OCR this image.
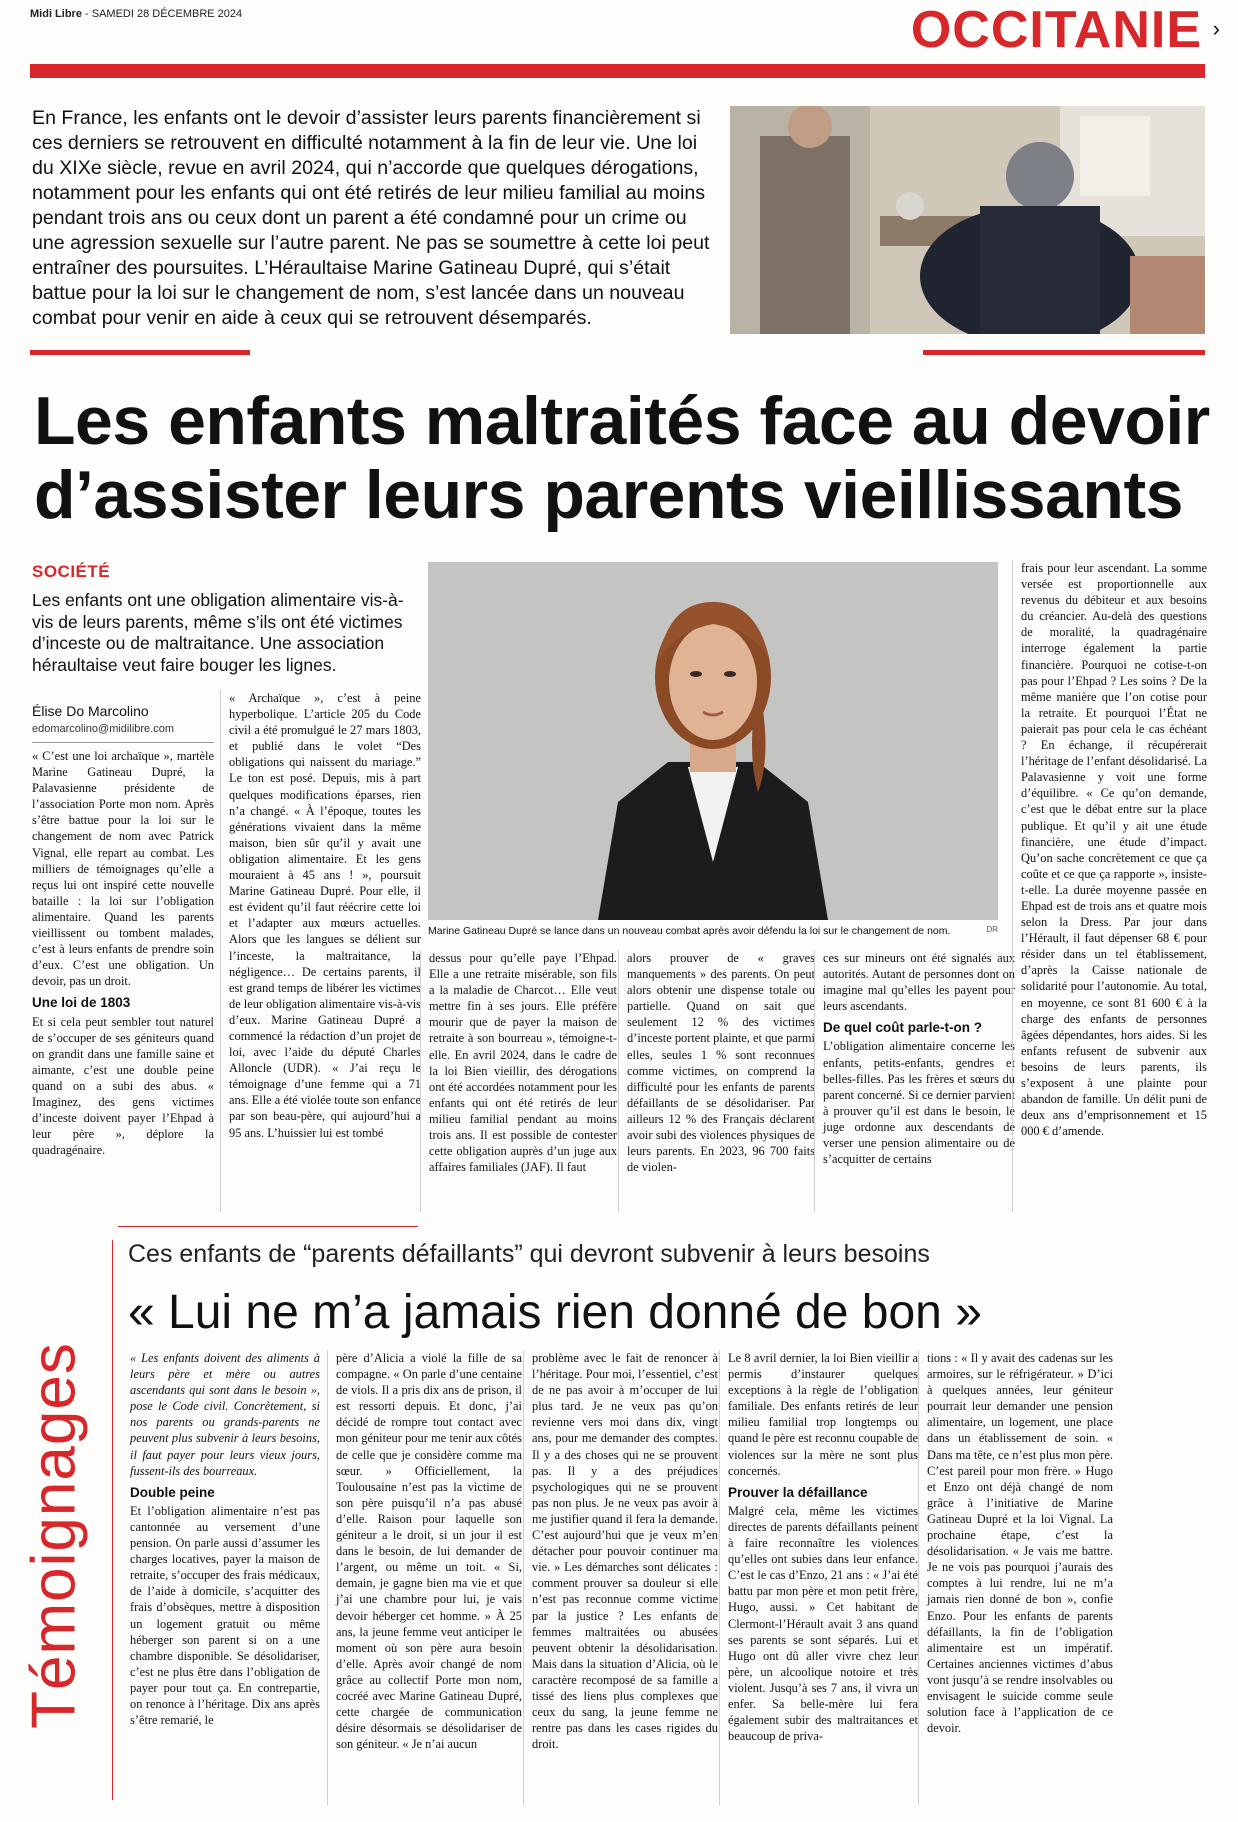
Midi Libre - SAMEDI 28 DÉCEMBRE 2024	OCCITANIE ›
En France, les enfants ont le devoir d’assister leurs parents financièrement si ces derniers se retrouvent en difficulté notamment à la fin de leur vie. Une loi du XIXe siècle, revue en avril 2024, qui n’accorde que quelques dérogations, notamment pour les enfants qui ont été retirés de leur milieu familial au moins pendant trois ans ou ceux dont un parent a été condamné pour un crime ou une agression sexuelle sur l’autre parent. Ne pas se soumettre à cette loi peut entraîner des poursuites. L’Héraultaise Marine Gatineau Dupré, qui s’était battue pour la loi sur le changement de nom, s’est lancée dans un nouveau combat pour venir en aide à ceux qui se retrouvent désemparés.
Les enfants maltraités face au devoir
d’assister leurs parents vieillissants
SOCIÉTÉ
Les enfants ont une obligation alimentaire vis-à-vis de leurs parents, même s’ils ont été victimes d’inceste ou de maltraitance. Une association héraultaise veut faire bouger les lignes.
Élise Do Marcolino
edomarcolino@midilibre.com

« C’est une loi archaïque », martèle Marine Gatineau Dupré, la Palavasienne présidente de l’association Porte mon nom. Après s’être battue pour la loi sur le changement de nom avec Patrick Vignal, elle repart au combat. Les milliers de témoignages qu’elle a reçus lui ont inspiré cette nouvelle bataille : la loi sur l’obligation alimentaire. Quand les parents vieillissent ou tombent malades, c’est à leurs enfants de prendre soin d’eux. C’est une obligation. Un devoir, pas un droit.

Une loi de 1803

Et si cela peut sembler tout naturel de s’occuper de ses géniteurs quand on grandit dans une famille saine et aimante, c’est une double peine quand on a subi des abus. « Imaginez, des gens victimes d’inceste doivent payer l’Ehpad à leur père », déplore la quadragénaire.

« Archaïque », c’est à peine hyperbolique. L’article 205 du Code civil a été promulgué le 27 mars 1803, et publié dans le volet “Des obligations qui naissent du mariage.” Le ton est posé. Depuis, mis à part quelques modifications éparses, rien n’a changé. « À l’époque, toutes les générations vivaient dans la même maison, bien sûr qu’il y avait une obligation alimentaire. Et les gens mouraient à 45 ans ! », poursuit Marine Gatineau Dupré. Pour elle, il est évident qu’il faut réécrire cette loi et l’adapter aux mœurs actuelles. Alors que les langues se délient sur l’inceste, la maltraitance, la négligence… De certains parents, il est grand temps de libérer les victimes de leur obligation alimentaire vis-à-vis d’eux. Marine Gatineau Dupré a commencé la rédaction d’un projet de loi, avec l’aide du député Charles Alloncle (UDR). « J’ai reçu le témoignage d’une femme qui a 71 ans. Elle a été violée toute son enfance par son beau-père, qui aujourd’hui a 95 ans. L’huissier lui est tombé

Marine Gatineau Dupré se lance dans un nouveau combat après avoir défendu la loi sur le changement de nom.	DR

dessus pour qu’elle paye l’Ehpad. Elle a une retraite misérable, son fils a la maladie de Charcot… Elle veut mettre fin à ses jours. Elle préfère mourir que de payer la maison de retraite à son bourreau », témoigne-t-elle. En avril 2024, dans le cadre de la loi Bien vieillir, des dérogations ont été accordées notamment pour les enfants qui ont été retirés de leur milieu familial pendant au moins trois ans. Il est possible de contester cette obligation auprès d’un juge aux affaires familiales (JAF). Il faut

alors prouver de « graves manquements » des parents. On peut alors obtenir une dispense totale ou partielle. Quand on sait que seulement 12 % des victimes d’inceste portent plainte, et que parmi elles, seules 1 % sont reconnues comme victimes, on comprend la difficulté pour les enfants de parents défaillants de se désolidariser. Par ailleurs 12 % des Français déclarent avoir subi des violences physiques de leurs parents. En 2023, 96 700 faits de violen-

ces sur mineurs ont été signalés aux autorités. Autant de personnes dont on imagine mal qu’elles les payent pour leurs ascendants.

De quel coût parle-t-on ?

L’obligation alimentaire concerne les enfants, petits-enfants, gendres et belles-filles. Pas les frères et sœurs du parent concerné. Si ce dernier parvient à prouver qu’il est dans le besoin, le juge ordonne aux descendants de verser une pension alimentaire ou de s’acquitter de certains

frais pour leur ascendant. La somme versée est proportionnelle aux revenus du débiteur et aux besoins du créancier. Au-delà des questions de moralité, la quadragénaire interroge également la partie financière. Pourquoi ne cotise-t-on pas pour l’Ehpad ? Les soins ? De la même manière que l’on cotise pour la retraite. Et pourquoi l’État ne paierait pas pour cela le cas échéant ? En échange, il récupérerait l’héritage de l’enfant désolidarisé. La Palavasienne y voit une forme d’équilibre. « Ce qu’on demande, c’est que le débat entre sur la place publique. Et qu’il y ait une étude financière, une étude d’impact. Qu’on sache concrètement ce que ça coûte et ce que ça rapporte », insiste-t-elle. La durée moyenne passée en Ehpad est de trois ans et quatre mois selon la Dress. Par jour dans l’Hérault, il faut dépenser 68 € pour résider dans un tel établissement, d’après la Caisse nationale de solidarité pour l’autonomie. Au total, en moyenne, ce sont 81 600 € à la charge des enfants de personnes âgées dépendantes, hors aides. Si les enfants refusent de subvenir aux besoins de leurs parents, ils s’exposent à une plainte pour abandon de famille. Un délit puni de deux ans d’emprisonnement et 15 000 € d’amende.

Témoignages
Ces enfants de “parents défaillants” qui devront subvenir à leurs besoins
« Lui ne m’a jamais rien donné de bon »

« Les enfants doivent des aliments à leurs père et mère ou autres ascendants qui sont dans le besoin », pose le Code civil. Concrètement, si nos parents ou grands-parents ne peuvent plus subvenir à leurs besoins, il faut payer pour leurs vieux jours, fussent-ils des bourreaux.

Double peine

Et l’obligation alimentaire n’est pas cantonnée au versement d’une pension. On parle aussi d’assumer les charges locatives, payer la maison de retraite, s’occuper des frais médicaux, de l’aide à domicile, s’acquitter des frais d’obsèques, mettre à disposition un logement gratuit ou même héberger son parent si on a une chambre disponible. Se désolidariser, c’est ne plus être dans l’obligation de payer pour tout ça. En contrepartie, on renonce à l’héritage. Dix ans après s’être remarié, le

père d’Alicia a violé la fille de sa compagne. « On parle d’une centaine de viols. Il a pris dix ans de prison, il est ressorti depuis. Et donc, j’ai décidé de rompre tout contact avec mon géniteur pour me tenir aux côtés de celle que je considère comme ma sœur. » Officiellement, la Toulousaine n’est pas la victime de son père puisqu’il n’a pas abusé d’elle. Raison pour laquelle son géniteur a le droit, si un jour il est dans le besoin, de lui demander de l’argent, ou même un toit. « Si, demain, je gagne bien ma vie et que j’ai une chambre pour lui, je vais devoir héberger cet homme. » À 25 ans, la jeune femme veut anticiper le moment où son père aura besoin d’elle. Après avoir changé de nom grâce au collectif Porte mon nom, cocréé avec Marine Gatineau Dupré, cette chargée de communication désire désormais se désolidariser de son géniteur. « Je n’ai aucun

problème avec le fait de renoncer à l’héritage. Pour moi, l’essentiel, c’est de ne pas avoir à m’occuper de lui plus tard. Je ne veux pas qu’on revienne vers moi dans dix, vingt ans, pour me demander des comptes. Il y a des choses qui ne se prouvent pas. Il y a des préjudices psychologiques qui ne se prouvent pas non plus. Je ne veux pas avoir à me justifier quand il fera la demande. C’est aujourd’hui que je veux m’en détacher pour pouvoir continuer ma vie. » Les démarches sont délicates : comment prouver sa douleur si elle n’est pas reconnue comme victime par la justice ? Les enfants de femmes maltraitées ou abusées peuvent obtenir la désolidarisation. Mais dans la situation d’Alicia, où le caractère recomposé de sa famille a tissé des liens plus complexes que ceux du sang, la jeune femme ne rentre pas dans les cases rigides du droit.

Le 8 avril dernier, la loi Bien vieillir a permis d’instaurer quelques exceptions à la règle de l’obligation familiale. Des enfants retirés de leur milieu familial trop longtemps ou quand le père est reconnu coupable de violences sur la mère ne sont plus concernés.

Prouver la défaillance

Malgré cela, même les victimes directes de parents défaillants peinent à faire reconnaître les violences qu’elles ont subies dans leur enfance. C’est le cas d’Enzo, 21 ans : « J’ai été battu par mon père et mon petit frère, Hugo, aussi. » Cet habitant de Clermont-l’Hérault avait 3 ans quand ses parents se sont séparés. Lui et Hugo ont dû aller vivre chez leur père, un alcoolique notoire et très violent. Jusqu’à ses 7 ans, il vivra un enfer. Sa belle-mère lui fera également subir des maltraitances et beaucoup de priva-

tions : « Il y avait des cadenas sur les armoires, sur le réfrigérateur. » D’ici à quelques années, leur géniteur pourrait leur demander une pension alimentaire, un logement, une place dans un établissement de soin. « Dans ma tête, ce n’est plus mon père. C’est pareil pour mon frère. » Hugo et Enzo ont déjà changé de nom grâce à l’initiative de Marine Gatineau Dupré et la loi Vignal. La prochaine étape, c’est la désolidarisation. « Je vais me battre. Je ne vois pas pourquoi j’aurais des comptes à lui rendre, lui ne m’a jamais rien donné de bon », confie Enzo. Pour les enfants de parents défaillants, la fin de l’obligation alimentaire est un impératif. Certaines anciennes victimes d’abus vont jusqu’à se rendre insolvables ou envisagent le suicide comme seule solution face à l’application de ce devoir.
